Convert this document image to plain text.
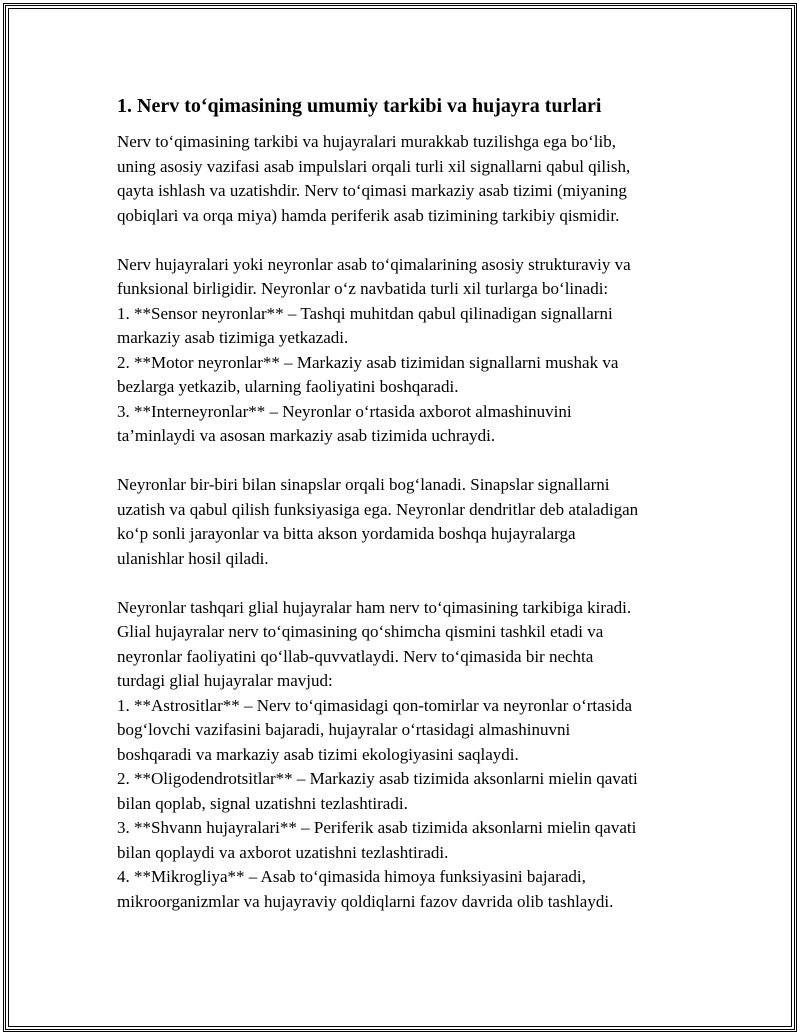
1. Nerv to‘qimasining umumiy tarkibi va hujayra turlari
Nerv to‘qimasining tarkibi va hujayralari murakkab tuzilishga ega bo‘lib,
uning asosiy vazifasi asab impulslari orqali turli xil signallarni qabul qilish,
qayta ishlash va uzatishdir. Nerv to‘qimasi markaziy asab tizimi (miyaning
qobiqlari va orqa miya) hamda periferik asab tizimining tarkibiy qismidir.
Nerv hujayralari yoki neyronlar asab to‘qimalarining asosiy strukturaviy va
funksional birligidir. Neyronlar o‘z navbatida turli xil turlarga bo‘linadi:
1. **Sensor neyronlar** – Tashqi muhitdan qabul qilinadigan signallarni
markaziy asab tizimiga yetkazadi.
2. **Motor neyronlar** – Markaziy asab tizimidan signallarni mushak va
bezlarga yetkazib, ularning faoliyatini boshqaradi.
3. **Interneyronlar** – Neyronlar o‘rtasida axborot almashinuvini
ta’minlaydi va asosan markaziy asab tizimida uchraydi.
Neyronlar bir-biri bilan sinapslar orqali bog‘lanadi. Sinapslar signallarni
uzatish va qabul qilish funksiyasiga ega. Neyronlar dendritlar deb ataladigan
ko‘p sonli jarayonlar va bitta akson yordamida boshqa hujayralarga
ulanishlar hosil qiladi.
Neyronlar tashqari glial hujayralar ham nerv to‘qimasining tarkibiga kiradi.
Glial hujayralar nerv to‘qimasining qo‘shimcha qismini tashkil etadi va
neyronlar faoliyatini qo‘llab-quvvatlaydi. Nerv to‘qimasida bir nechta
turdagi glial hujayralar mavjud:
1. **Astrositlar** – Nerv to‘qimasidagi qon-tomirlar va neyronlar o‘rtasida
bog‘lovchi vazifasini bajaradi, hujayralar o‘rtasidagi almashinuvni
boshqaradi va markaziy asab tizimi ekologiyasini saqlaydi.
2. **Oligodendrotsitlar** – Markaziy asab tizimida aksonlarni mielin qavati
bilan qoplab, signal uzatishni tezlashtiradi.
3. **Shvann hujayralari** – Periferik asab tizimida aksonlarni mielin qavati
bilan qoplaydi va axborot uzatishni tezlashtiradi.
4. **Mikrogliya** – Asab to‘qimasida himoya funksiyasini bajaradi,
mikroorganizmlar va hujayraviy qoldiqlarni fazov davrida olib tashlaydi.
